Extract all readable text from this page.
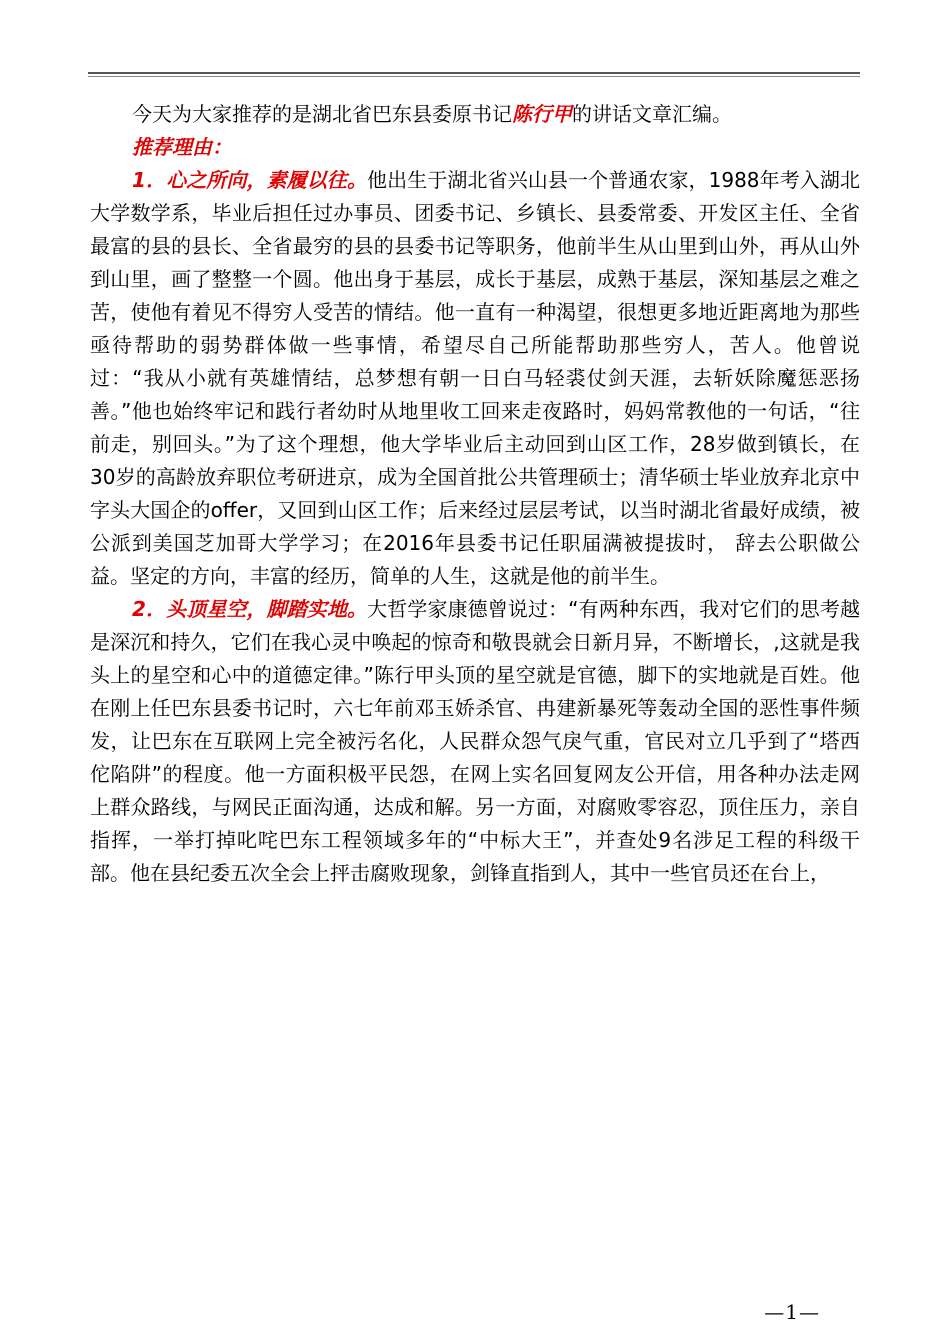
今天为大家推荐的是湖北省巴东县委原书记陈行甲的讲话文章汇编。

推荐理由：

1．心之所向，素履以往。他出生于湖北省兴山县一个普通农家，1988年考入湖北大学数学系，毕业后担任过办事员、团委书记、乡镇长、县委常委、开发区主任、全省最富的县的县长、全省最穷的县的县委书记等职务，他前半生从山里到山外，再从山外到山里，画了整整一个圆。他出身于基层，成长于基层，成熟于基层，深知基层之难之苦，使他有着见不得穷人受苦的情结。他一直有一种渴望，很想更多地近距离地为那些亟待帮助的弱势群体做一些事情，希望尽自己所能帮助那些穷人，苦人。他曾说过：“我从小就有英雄情结，总梦想有朝一日白马轻裘仗剑天涯，去斩妖除魔惩恶扬善。”他也始终牢记和践行者幼时从地里收工回来走夜路时，妈妈常教他的一句话，“往前走，别回头。”为了这个理想，他大学毕业后主动回到山区工作，28岁做到镇长，在30岁的高龄放弃职位考研进京，成为全国首批公共管理硕士；清华硕士毕业放弃北京中字头大国企的offer，又回到山区工作；后来经过层层考试，以当时湖北省最好成绩，被公派到美国芝加哥大学学习；在2016年县委书记任职届满被提拔时， 辞去公职做公益。坚定的方向，丰富的经历，简单的人生，这就是他的前半生。

2．头顶星空，脚踏实地。大哲学家康德曾说过：“有两种东西，我对它们的思考越是深沉和持久，它们在我心灵中唤起的惊奇和敬畏就会日新月异，不断增长，,这就是我头上的星空和心中的道德定律。”陈行甲头顶的星空就是官德，脚下的实地就是百姓。他在刚上任巴东县委书记时，六七年前邓玉娇杀官、冉建新暴死等轰动全国的恶性事件频发，让巴东在互联网上完全被污名化，人民群众怨气戾气重，官民对立几乎到了“塔西佗陷阱”的程度。他一方面积极平民怨，在网上实名回复网友公开信，用各种办法走网上群众路线，与网民正面沟通，达成和解。另一方面，对腐败零容忍，顶住压力，亲自指挥，一举打掉叱咤巴东工程领域多年的“中标大王”，并查处9名涉足工程的科级干部。他在县纪委五次全会上抨击腐败现象，剑锋直指到人，其中一些官员还在台上，

—1—
